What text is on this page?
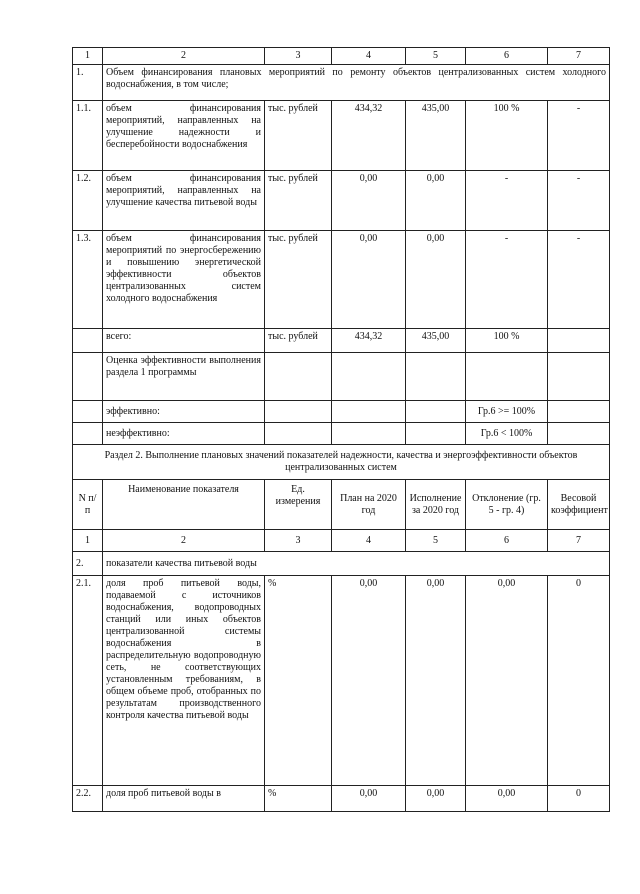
1	2	3	4	5	6	7
1.	Объем финансирования плановых мероприятий по ремонту объектов централизованных систем холодного водоснабжения, в том числе;					
1.1.	объем финансирования мероприятий, направленных на улучшение надежности и бесперебойности водоснабжения	тыс. рублей	434,32	435,00	100 %	-
1.2.	объем финансирования мероприятий, направленных на улучшение качества питьевой воды	тыс. рублей	0,00	0,00	-	-
1.3.	объем финансирования мероприятий по энергосбережению и повышению энергетической эффективности объектов централизованных систем холодного водоснабжения	тыс. рублей	0,00	0,00	-	-
	всего:	тыс. рублей	434,32	435,00	100 %	
	Оценка эффективности выполнения раздела 1 программы					
	эффективно:				Гр.6 >= 100%	
	неэффективно:				Гр.6 < 100%	
Раздел 2. Выполнение плановых значений показателей надежности, качества и энергоэффективности объектов централизованных систем						
N п/п	Наименование показателя	Ед. измерения	План на 2020 год	Исполнение за 2020 год	Отклонение (гр. 5 - гр. 4)	Весовой коэффициент
1	2	3	4	5	6	7
2.	показатели качества питьевой воды					
2.1.	доля проб питьевой воды, подаваемой с источников водоснабжения, водопроводных станций или иных объектов централизованной системы водоснабжения в распределительную водопроводную сеть, не соответствующих установленным требованиям, в общем объеме проб, отобранных по результатам производственного контроля качества питьевой воды	%	0,00	0,00	0,00	0
2.2.	доля проб питьевой воды в	%	0,00	0,00	0,00	0
